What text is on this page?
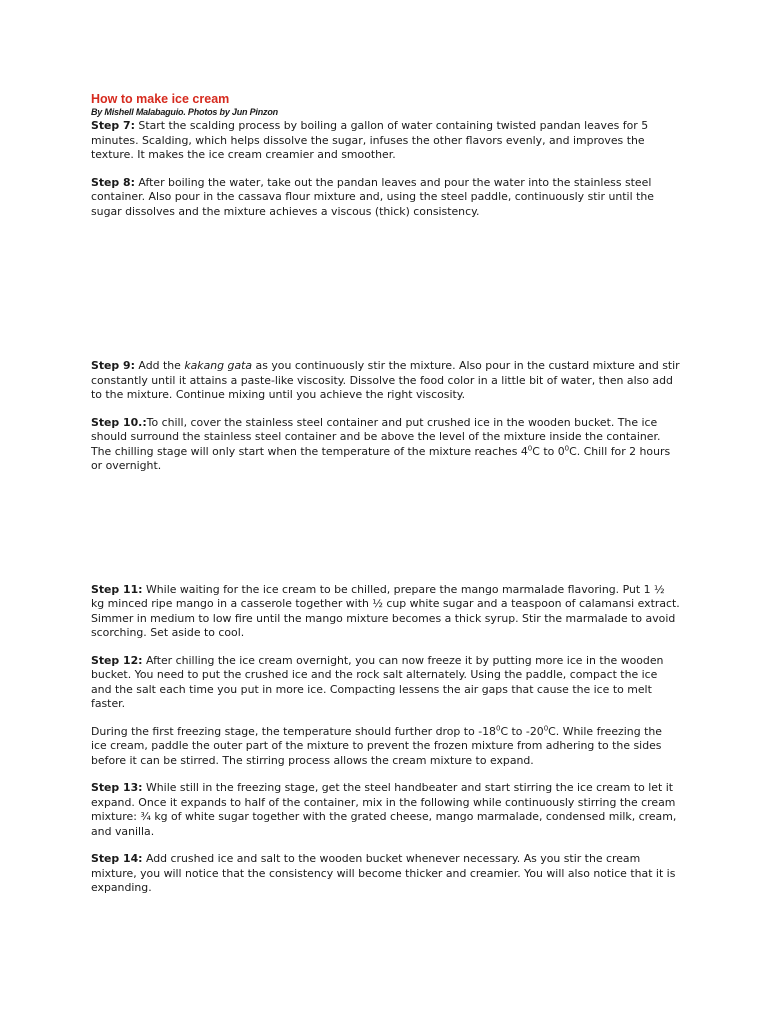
How to make ice cream

By Mishell Malabaguio. Photos by Jun Pinzon

Step 7: Start the scalding process by boiling a gallon of water containing twisted pandan leaves for 5 minutes. Scalding, which helps dissolve the sugar, infuses the other flavors evenly, and improves the texture. It makes the ice cream creamier and smoother.

Step 8: After boiling the water, take out the pandan leaves and pour the water into the stainless steel container. Also pour in the cassava flour mixture and, using the steel paddle, continuously stir until the sugar dissolves and the mixture achieves a viscous (thick) consistency.

Step 9: Add the kakang gata as you continuously stir the mixture. Also pour in the custard mixture and stir constantly until it attains a paste-like viscosity. Dissolve the food color in a little bit of water, then also add to the mixture. Continue mixing until you achieve the right viscosity.

Step 10.:To chill, cover the stainless steel container and put crushed ice in the wooden bucket. The ice should surround the stainless steel container and be above the level of the mixture inside the container. The chilling stage will only start when the temperature of the mixture reaches $4^0C$ to $0^0C$. Chill for 2 hours or overnight.

Step 11: While waiting for the ice cream to be chilled, prepare the mango marmalade flavoring. Put 1 ½ kg minced ripe mango in a casserole together with ½ cup white sugar and a teaspoon of calamansi extract. Simmer in medium to low fire until the mango mixture becomes a thick syrup. Stir the marmalade to avoid scorching. Set aside to cool.

Step 12: After chilling the ice cream overnight, you can now freeze it by putting more ice in the wooden bucket. You need to put the crushed ice and the rock salt alternately. Using the paddle, compact the ice and the salt each time you put in more ice. Compacting lessens the air gaps that cause the ice to melt faster.

During the first freezing stage, the temperature should further drop to $-18^0C$ to $-20^0C$. While freezing the ice cream, paddle the outer part of the mixture to prevent the frozen mixture from adhering to the sides before it can be stirred. The stirring process allows the cream mixture to expand.

Step 13: While still in the freezing stage, get the steel handbeater and start stirring the ice cream to let it expand. Once it expands to half of the container, mix in the following while continuously stirring the cream mixture: ¾ kg of white sugar together with the grated cheese, mango marmalade, condensed milk, cream, and vanilla.

Step 14: Add crushed ice and salt to the wooden bucket whenever necessary. As you stir the cream mixture, you will notice that the consistency will become thicker and creamier. You will also notice that it is expanding.
